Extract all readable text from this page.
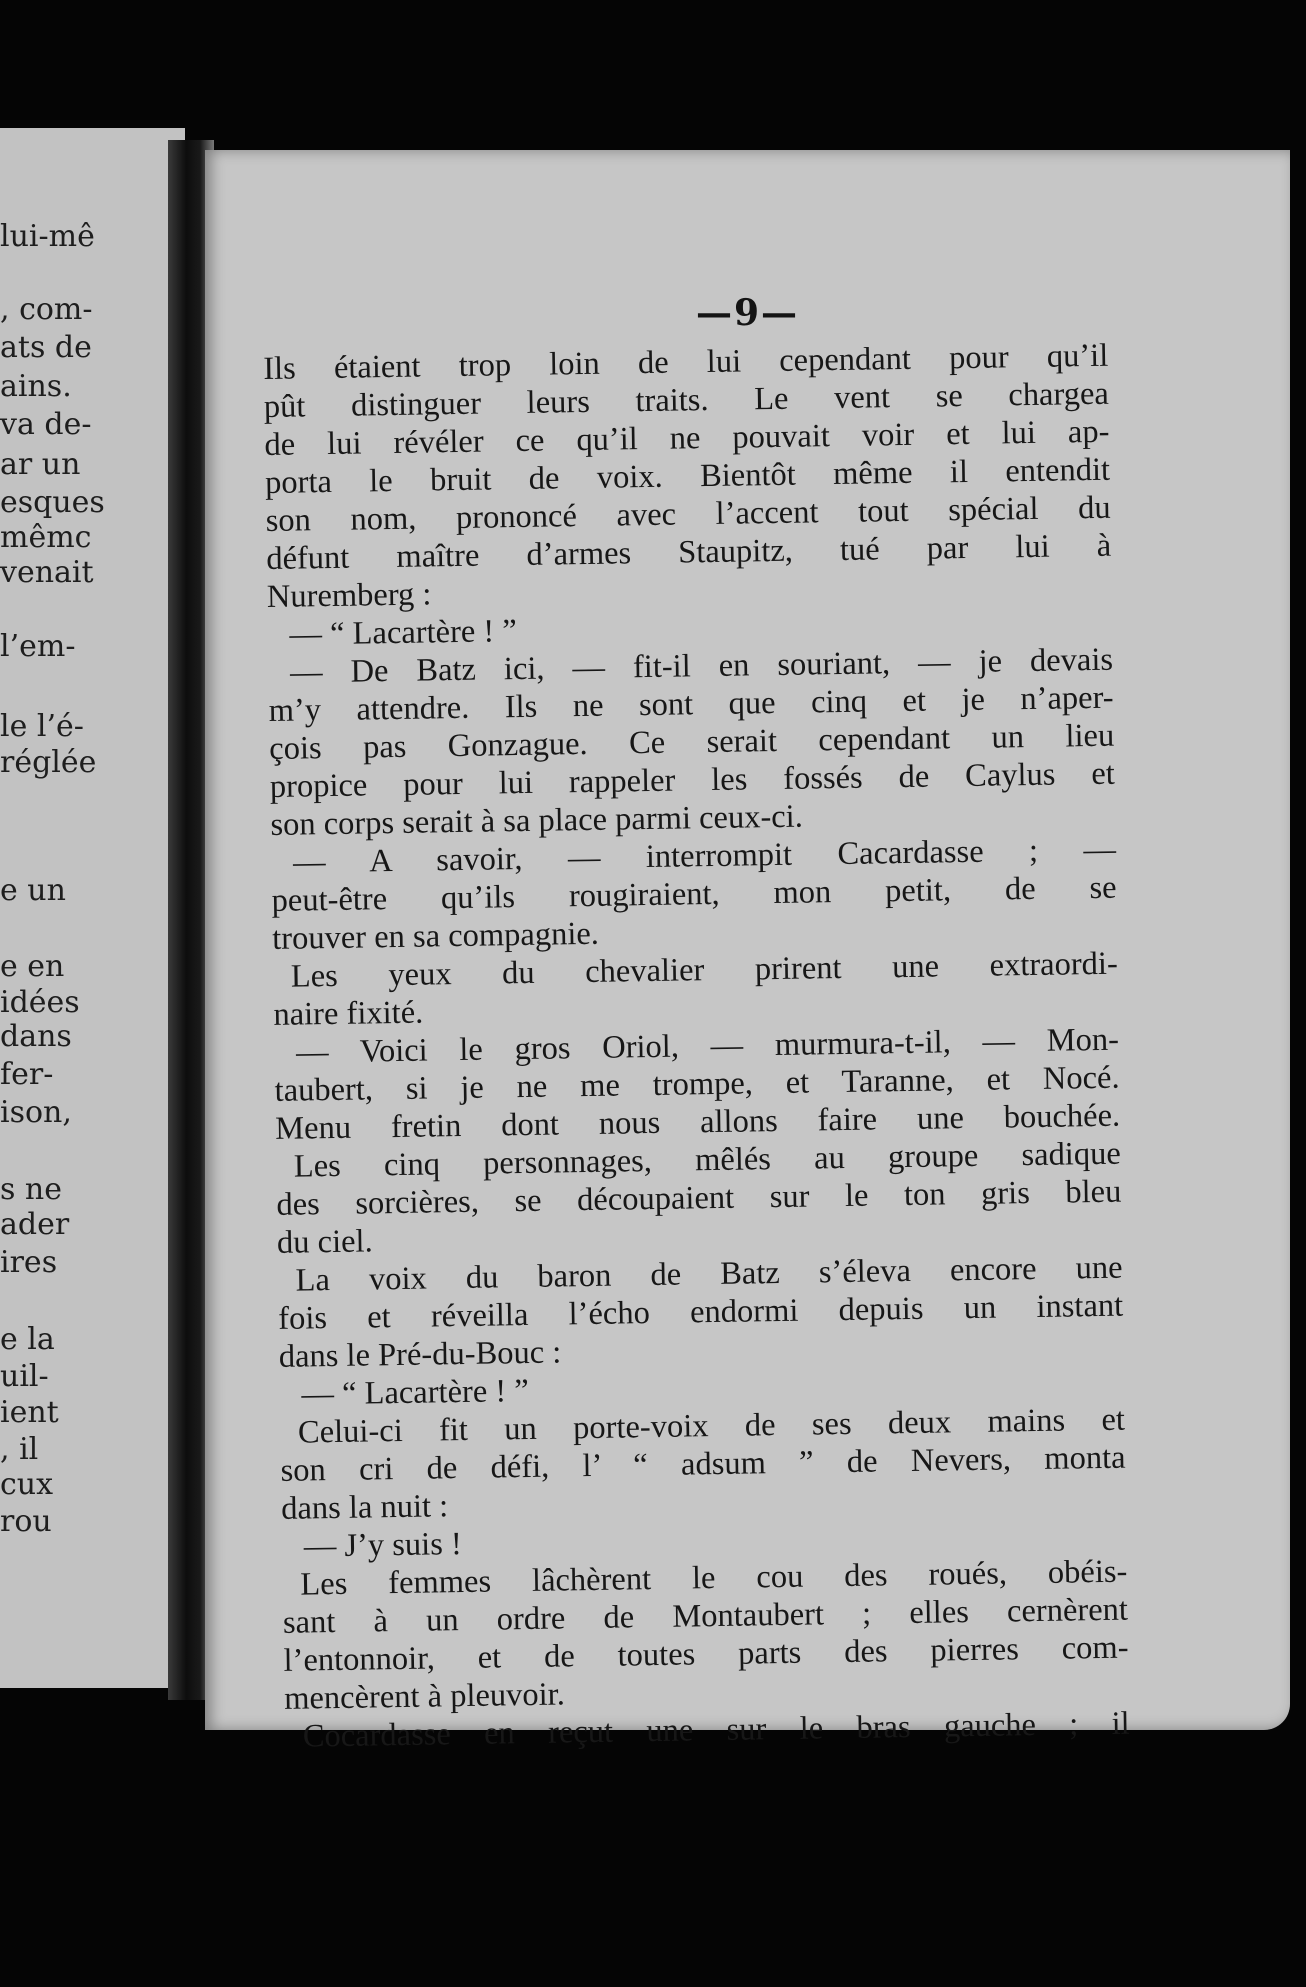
lui-mê
, com-
ats de
ains.
va de-
ar un
esques
mêmc
venait
l’em-
le l’é-
réglée
e un
e en
idées
dans
fer-
ison,
s ne
ader
ires
e la
uil-
ient
, il
cux
rou
—9—
Ils étaient trop loin de lui cependant pour qu’il
pût distinguer leurs traits. Le vent se chargea
de lui révéler ce qu’il ne pouvait voir et lui ap-
porta le bruit de voix. Bientôt même il entendit
son nom, prononcé avec l’accent tout spécial du
défunt maître d’armes Staupitz, tué par lui à
Nuremberg :
— “ Lacartère ! ”
— De Batz ici, — fit-il en souriant, — je devais
m’y attendre. Ils ne sont que cinq et je n’aper-
çois pas Gonzague. Ce serait cependant un lieu
propice pour lui rappeler les fossés de Caylus et
son corps serait à sa place parmi ceux-ci.
— A savoir, — interrompit Cacardasse ; —
peut-être qu’ils rougiraient, mon petit, de se
trouver en sa compagnie.
Les yeux du chevalier prirent une extraordi-
naire fixité.
— Voici le gros Oriol, — murmura-t-il, — Mon-
taubert, si je ne me trompe, et Taranne, et Nocé.
Menu fretin dont nous allons faire une bouchée.
Les cinq personnages, mêlés au groupe sadique
des sorcières, se découpaient sur le ton gris bleu
du ciel.
La voix du baron de Batz s’éleva encore une
fois et réveilla l’écho endormi depuis un instant
dans le Pré-du-Bouc :
— “ Lacartère ! ”
Celui-ci fit un porte-voix de ses deux mains et
son cri de défi, l’ “ adsum ” de Nevers, monta
dans la nuit :
— J’y suis !
Les femmes lâchèrent le cou des roués, obéis-
sant à un ordre de Montaubert ; elles cernèrent
l’entonnoir, et de toutes parts des pierres com-
mencèrent à pleuvoir.
Cocardasse en reçut une sur le bras gauche ; il
